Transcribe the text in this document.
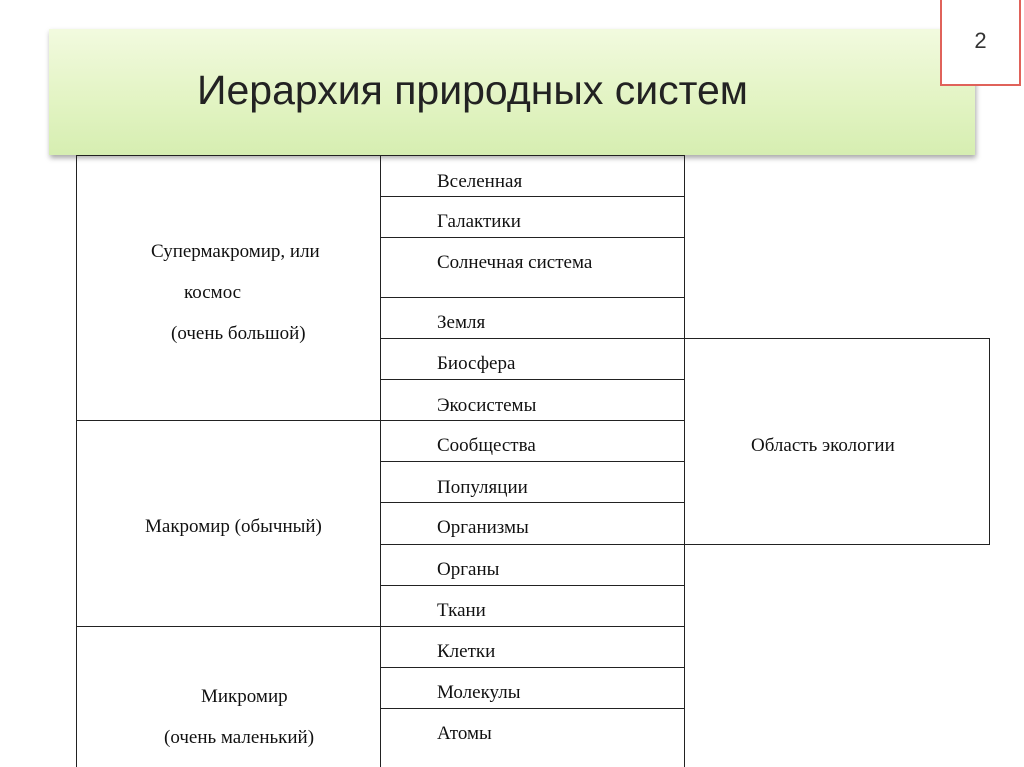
Иерархия природных систем
2
Супермакромир, или
космос
(очень большой)
Макромир (обычный)
Микромир
(очень маленький)
Вселенная
Галактики
Солнечная система
Земля
Биосфера
Экосистемы
Сообщества
Популяции
Организмы
Органы
Ткани
Клетки
Молекулы
Атомы
Область экологии
